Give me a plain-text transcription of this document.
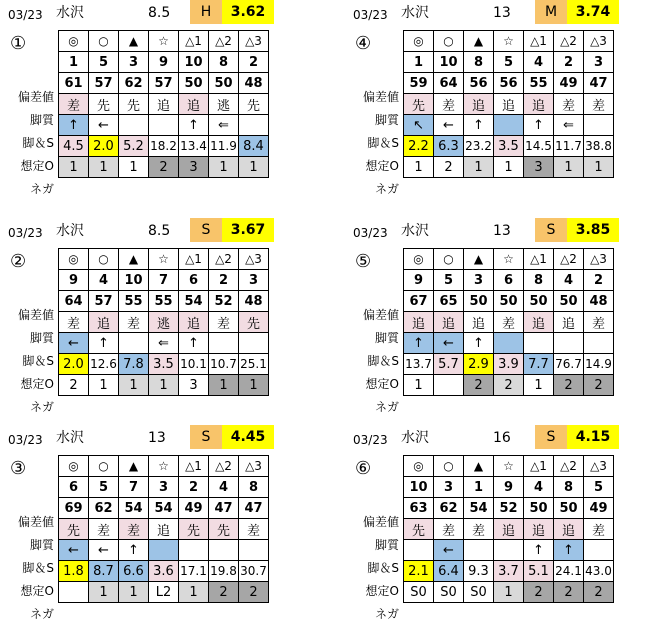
03/23 水沢	8.5	H	3.62
①
偏差値
脚質
脚＆S
想定O
ネガ
◎	○	▲	☆	△1	△2	△3
1	5	3	9	10	8	2
61	57	62	57	50	50	48
差	先	先	追	追	逃	先
↑	←			↑	⇐	
4.5	2.0	5.2	18.2	13.4	11.9	8.4
1	1	1	2	3	1	1
03/23 水沢	13	M	3.74
④
偏差値
脚質
脚＆S
想定O
ネガ
◎	○	▲	☆	△1	△2	△3
1	10	8	5	4	2	3
59	64	56	56	55	49	47
先	差	追	追	追	差	差
↖	←	↑		↑	⇐	
2.2	6.3	23.2	3.5	14.5	11.7	38.8
1	2	1	1	3	1	1
03/23 水沢	8.5	S	3.67
②
偏差値
脚質
脚＆S
想定O
ネガ
◎	○	▲	☆	△1	△2	△3
9	4	10	7	6	2	3
64	57	55	55	54	52	48
差	追	差	逃	追	差	先
←	↑		⇐	↑		
2.0	12.6	7.8	3.5	10.1	10.7	25.1
2	1	1	1	3	1	1
03/23 水沢	13	S	3.85
⑤
偏差値
脚質
脚＆S
想定O
ネガ
◎	○	▲	☆	△1	△2	△3
9	5	3	6	8	4	2
67	65	50	50	50	50	48
追	追	追	差	追	追	差
↑	←	↑				
13.7	5.7	2.9	3.9	7.7	76.7	14.9
1		2	2	1	2	2
03/23 水沢	13	S	4.45
③
偏差値
脚質
脚＆S
想定O
ネガ
◎	○	▲	☆	△1	△2	△3
6	5	7	3	2	4	8
69	62	54	54	49	47	47
先	差	差	追	先	先	差
←	←	↑				
1.8	8.7	6.6	3.6	17.1	19.8	30.7
	1	1	L2	1	2	2
03/23 水沢	16	S	4.15
⑥
偏差値
脚質
脚＆S
想定O
ネガ
◎	○	▲	☆	△1	△2	△3
10	3	1	9	4	8	5
63	62	54	52	50	50	49
先	差	差	追	追	追	差
	←			↑	↑	
2.1	6.4	9.3	3.7	5.1	24.1	43.0
S0	S0	S0	1	2	2	2
